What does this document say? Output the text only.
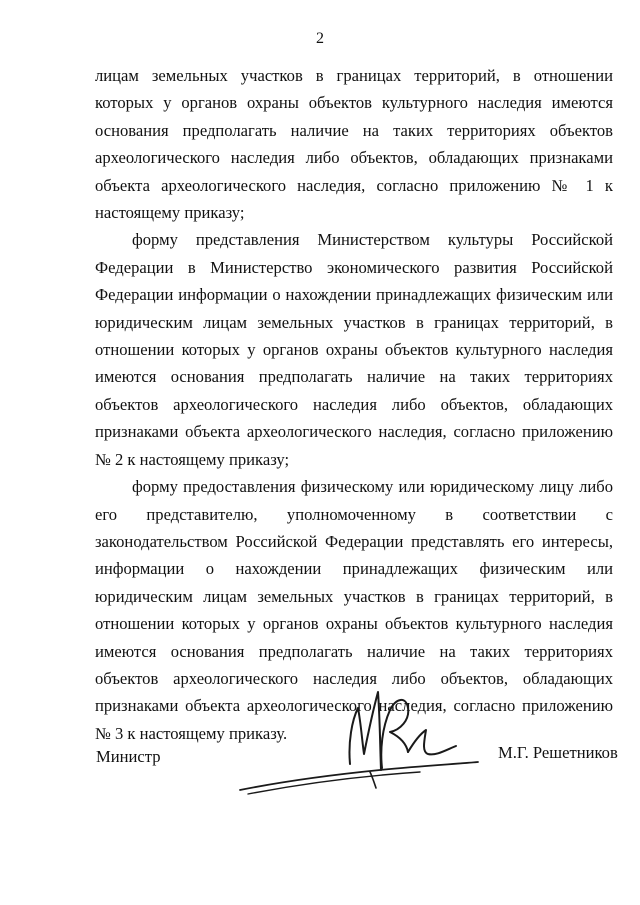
2

лицам земельных участков в границах территорий, в отношении которых у органов охраны объектов культурного наследия имеются основания предполагать наличие на таких территориях объектов археологического наследия либо объектов, обладающих признаками объекта археологического наследия, согласно приложению № 1 к настоящему приказу;

форму представления Министерством культуры Российской Федерации в Министерство экономического развития Российской Федерации информации о нахождении принадлежащих физическим или юридическим лицам земельных участков в границах территорий, в отношении которых у органов охраны объектов культурного наследия имеются основания предполагать наличие на таких территориях объектов археологического наследия либо объектов, обладающих признаками объекта археологического наследия, согласно приложению № 2 к настоящему приказу;

форму предоставления физическому или юридическому лицу либо его представителю, уполномоченному в соответствии с законодательством Российской Федерации представлять его интересы, информации о нахождении принадлежащих физическим или юридическим лицам земельных участков в границах территорий, в отношении которых у органов охраны объектов культурного наследия имеются основания предполагать наличие на таких территориях объектов археологического наследия либо объектов, обладающих признаками объекта археологического наследия, согласно приложению № 3 к настоящему приказу.

Министр	М.Г. Решетников
